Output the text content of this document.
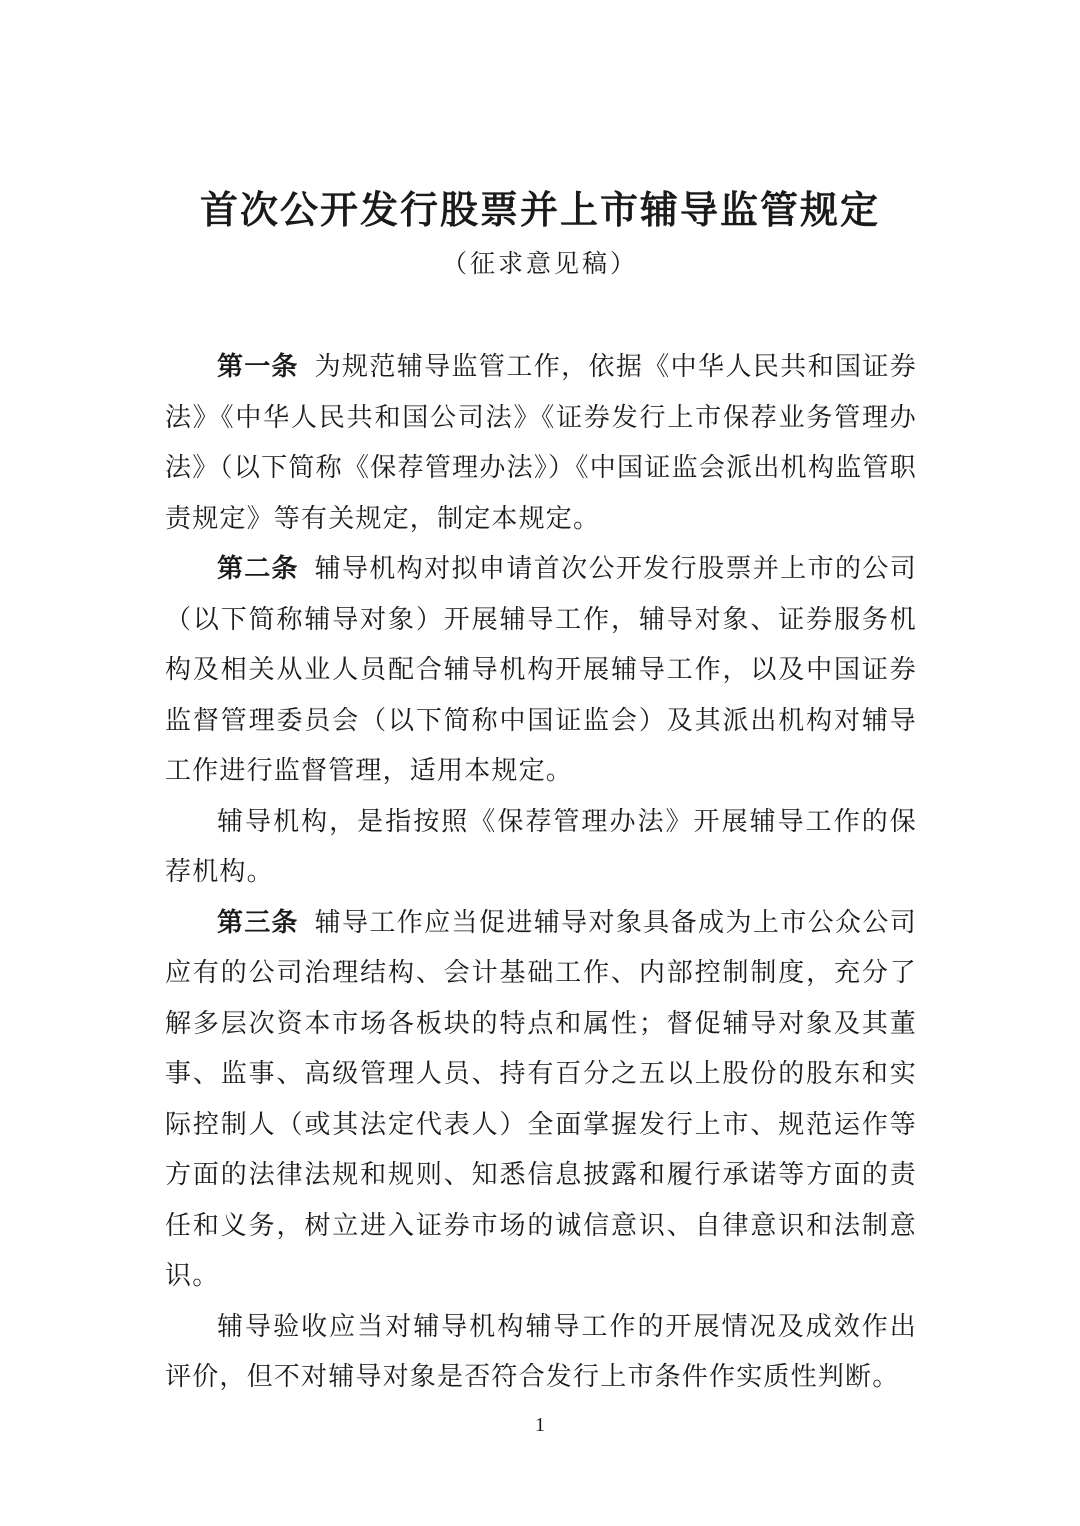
首次公开发行股票并上市辅导监管规定
（征求意见稿）

第一条 为规范辅导监管工作，依据《中华人民共和国证券法》《中华人民共和国公司法》《证券发行上市保荐业务管理办法》（以下简称《保荐管理办法》）《中国证监会派出机构监管职责规定》等有关规定，制定本规定。

第二条 辅导机构对拟申请首次公开发行股票并上市的公司（以下简称辅导对象）开展辅导工作，辅导对象、证券服务机构及相关从业人员配合辅导机构开展辅导工作，以及中国证券监督管理委员会（以下简称中国证监会）及其派出机构对辅导工作进行监督管理，适用本规定。

辅导机构，是指按照《保荐管理办法》开展辅导工作的保荐机构。

第三条 辅导工作应当促进辅导对象具备成为上市公众公司应有的公司治理结构、会计基础工作、内部控制制度，充分了解多层次资本市场各板块的特点和属性；督促辅导对象及其董事、监事、高级管理人员、持有百分之五以上股份的股东和实际控制人（或其法定代表人）全面掌握发行上市、规范运作等方面的法律法规和规则、知悉信息披露和履行承诺等方面的责任和义务，树立进入证券市场的诚信意识、自律意识和法制意识。

辅导验收应当对辅导机构辅导工作的开展情况及成效作出评价，但不对辅导对象是否符合发行上市条件作实质性判断。

1
